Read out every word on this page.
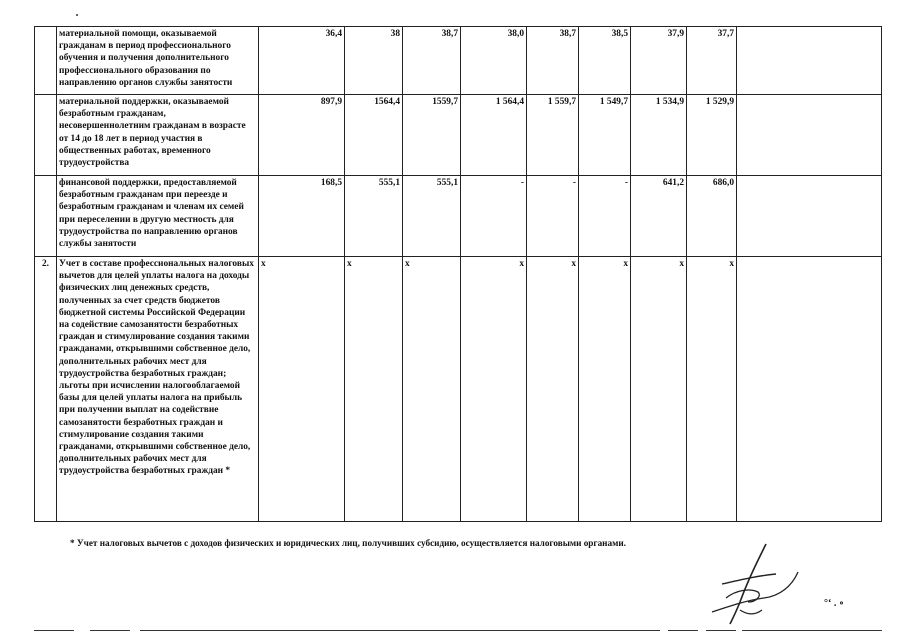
	материальной помощи, оказываемой гражданам в период профессионального обучения и получения дополнительного профессионального образования по направлению органов службы занятости	36,4	38	38,7	38,0	38,7	38,5	37,9	37,7	
	материальной поддержки, оказываемой безработным гражданам, несовершеннолетним гражданам в возрасте от 14 до 18 лет в период участия в общественных работах, временного трудоустройства	897,9	1564,4	1559,7	1 564,4	1 559,7	1 549,7	1 534,9	1 529,9	
	финансовой поддержки, предоставляемой безработным гражданам при переезде и безработным гражданам и членам их семей при переселении в другую местность для трудоустройства по направлению органов службы занятости	168,5	555,1	555,1	-	-	-	641,2	686,0	
2.	Учет в составе профессиональных налоговых вычетов для целей уплаты налога на доходы физических лиц денежных средств, полученных за счет средств бюджетов бюджетной системы Российской Федерации на содействие самозанятости безработных граждан и стимулирование создания такими гражданами, открывшими собственное дело, дополнительных рабочих мест для трудоустройства безработных граждан; льготы при исчислении налогооблагаемой базы для целей уплаты налога на прибыль при получении выплат на содействие самозанятости безработных граждан и стимулирование создания такими гражданами, открывшими собственное дело, дополнительных рабочих мест для трудоустройства безработных граждан *	x	x	x	x	x	x	x	x	
* Учет налоговых вычетов с доходов физических и юридических лиц, получивших субсидию, осуществляется налоговыми органами.
°ʻ . ∘
